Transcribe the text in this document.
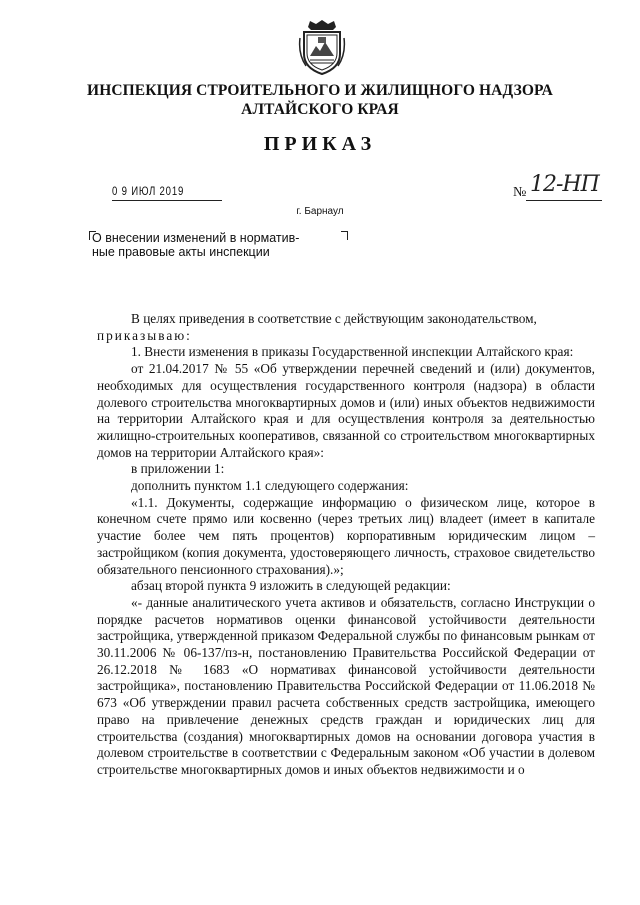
ИНСПЕКЦИЯ СТРОИТЕЛЬНОГО И ЖИЛИЩНОГО НАДЗОРА
АЛТАЙСКОГО КРАЯ
ПРИКАЗ
0 9 ИЮЛ 2019	№ 12-НП
г. Барнаул
О внесении изменений в норматив-
ные правовые акты инспекции

В целях приведения в соответствие с действующим законодательством,

приказываю:

1. Внести изменения в приказы Государственной инспекции Алтайского края:

от 21.04.2017 № 55 «Об утверждении перечней сведений и (или) документов, необходимых для осуществления государственного контроля (надзора) в области долевого строительства многоквартирных домов и (или) иных объектов недвижимости на территории Алтайского края и для осуществления контроля за деятельностью жилищно-строительных кооперативов, связанной со строительством многоквартирных домов на территории Алтайского края»:

в приложении 1:

дополнить пунктом 1.1 следующего содержания:

«1.1. Документы, содержащие информацию о физическом лице, которое в конечном счете прямо или косвенно (через третьих лиц) владеет (имеет в капитале участие более чем пять процентов) корпоративным юридическим лицом – застройщиком (копия документа, удостоверяющего личность, страховое свидетельство обязательного пенсионного страхования).»;

абзац второй пункта 9 изложить в следующей редакции:

«- данные аналитического учета активов и обязательств, согласно Инструкции о порядке расчетов нормативов оценки финансовой устойчивости деятельности застройщика, утвержденной приказом Федеральной службы по финансовым рынкам от 30.11.2006 № 06-137/пз-н, постановлению Правительства Российской Федерации от 26.12.2018 № 1683 «О нормативах финансовой устойчивости деятельности застройщика», постановлению Правительства Российской Федерации от 11.06.2018 № 673 «Об утверждении правил расчета собственных средств застройщика, имеющего право на привлечение денежных средств граждан и юридических лиц для строительства (создания) многоквартирных домов на основании договора участия в долевом строительстве в соответствии с Федеральным законом «Об участии в долевом строительстве многоквартирных домов и иных объектов недвижимости и о
